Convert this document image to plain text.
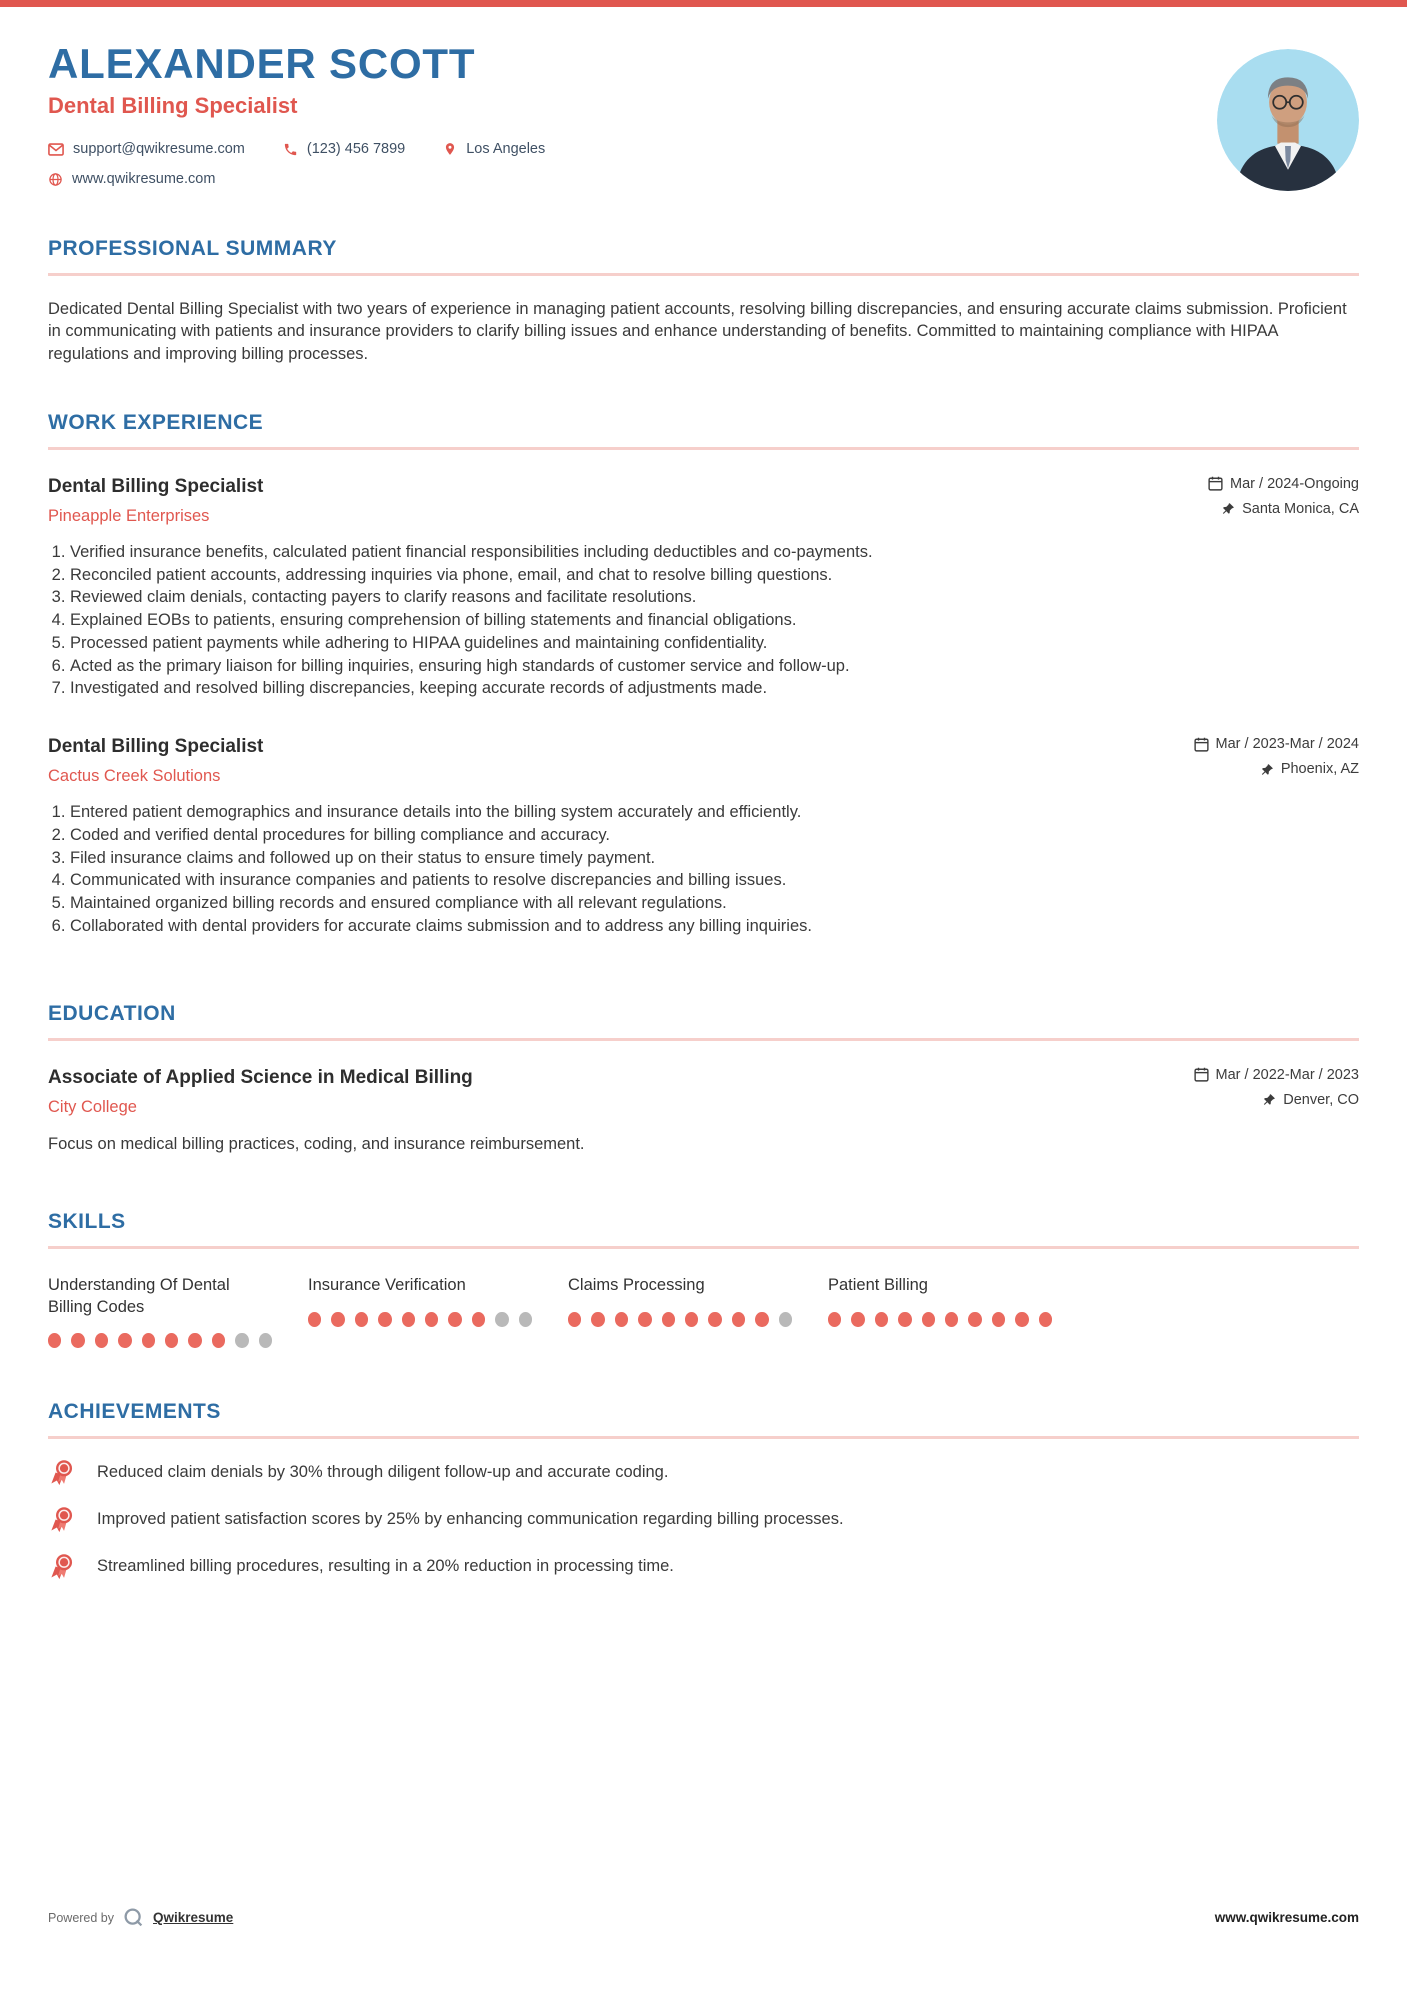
ALEXANDER SCOTT
Dental Billing Specialist
support@qwikresume.com	(123) 456 7899	Los Angeles
www.qwikresume.com
PROFESSIONAL SUMMARY

Dedicated Dental Billing Specialist with two years of experience in managing patient accounts, resolving billing discrepancies, and ensuring accurate claims submission. Proficient in communicating with patients and insurance providers to clarify billing issues and enhance understanding of benefits. Committed to maintaining compliance with HIPAA regulations and improving billing processes.

WORK EXPERIENCE
Dental Billing Specialist
Pineapple Enterprises
Mar / 2024-Ongoing
Santa Monica, CA
1. Verified insurance benefits, calculated patient financial responsibilities including deductibles and co-payments.
2. Reconciled patient accounts, addressing inquiries via phone, email, and chat to resolve billing questions.
3. Reviewed claim denials, contacting payers to clarify reasons and facilitate resolutions.
4. Explained EOBs to patients, ensuring comprehension of billing statements and financial obligations.
5. Processed patient payments while adhering to HIPAA guidelines and maintaining confidentiality.
6. Acted as the primary liaison for billing inquiries, ensuring high standards of customer service and follow-up.
7. Investigated and resolved billing discrepancies, keeping accurate records of adjustments made.
Dental Billing Specialist
Cactus Creek Solutions
Mar / 2023-Mar / 2024
Phoenix, AZ
1. Entered patient demographics and insurance details into the billing system accurately and efficiently.
2. Coded and verified dental procedures for billing compliance and accuracy.
3. Filed insurance claims and followed up on their status to ensure timely payment.
4. Communicated with insurance companies and patients to resolve discrepancies and billing issues.
5. Maintained organized billing records and ensured compliance with all relevant regulations.
6. Collaborated with dental providers for accurate claims submission and to address any billing inquiries.
EDUCATION
Associate of Applied Science in Medical Billing
City College
Mar / 2022-Mar / 2023
Denver, CO

Focus on medical billing practices, coding, and insurance reimbursement.

SKILLS
Understanding Of Dental Billing Codes
Insurance Verification	Claims Processing	Patient Billing
ACHIEVEMENTS
Reduced claim denials by 30% through diligent follow-up and accurate coding.
Improved patient satisfaction scores by 25% by enhancing communication regarding billing processes.
Streamlined billing procedures, resulting in a 20% reduction in processing time.
Powered by	Qwikresume	www.qwikresume.com
